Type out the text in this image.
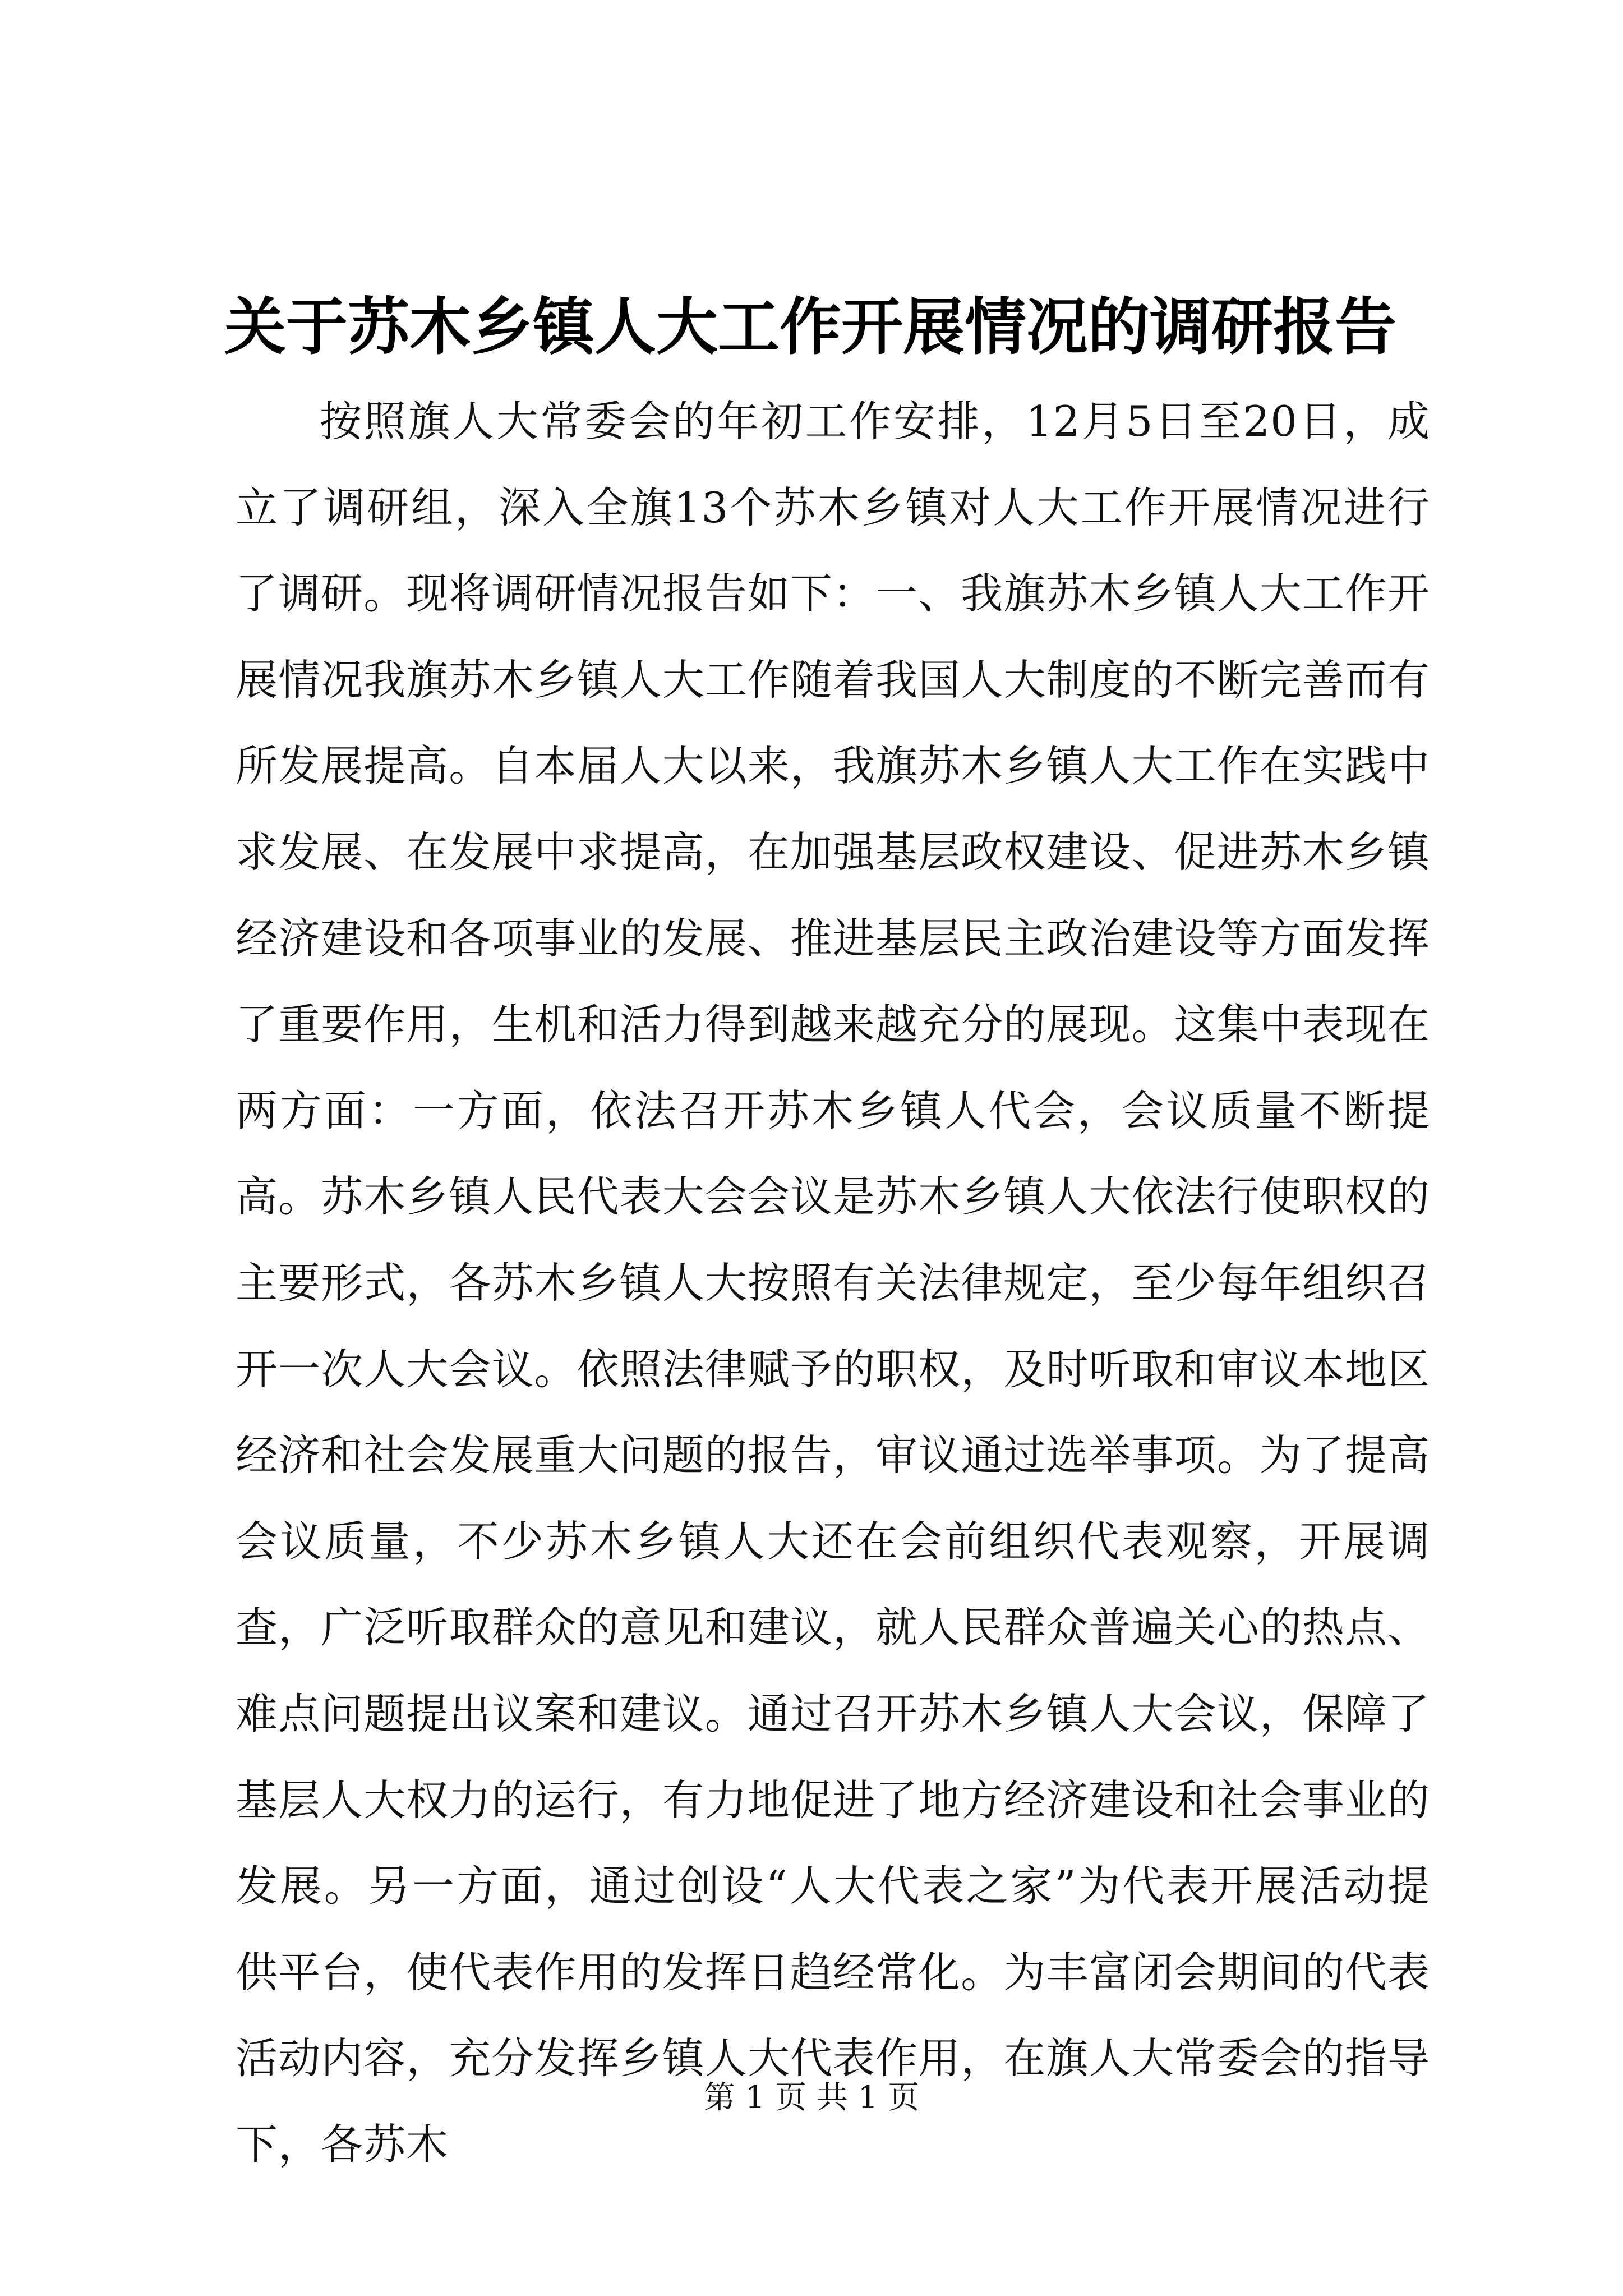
关于苏木乡镇人大工作开展情况的调研报告

按照旗人大常委会的年初工作安排，12月5日至20日，成立了调研组，深入全旗13个苏木乡镇对人大工作开展情况进行了调研。现将调研情况报告如下：一、我旗苏木乡镇人大工作开展情况我旗苏木乡镇人大工作随着我国人大制度的不断完善而有所发展提高。自本届人大以来，我旗苏木乡镇人大工作在实践中求发展、在发展中求提高，在加强基层政权建设、促进苏木乡镇经济建设和各项事业的发展、推进基层民主政治建设等方面发挥了重要作用，生机和活力得到越来越充分的展现。这集中表现在两方面：一方面，依法召开苏木乡镇人代会，会议质量不断提高。苏木乡镇人民代表大会会议是苏木乡镇人大依法行使职权的主要形式，各苏木乡镇人大按照有关法律规定，至少每年组织召开一次人大会议。依照法律赋予的职权，及时听取和审议本地区经济和社会发展重大问题的报告，审议通过选举事项。为了提高会议质量，不少苏木乡镇人大还在会前组织代表观察，开展调查，广泛听取群众的意见和建议，就人民群众普遍关心的热点、难点问题提出议案和建议。通过召开苏木乡镇人大会议，保障了基层人大权力的运行，有力地促进了地方经济建设和社会事业的发展。另一方面，通过创设“人大代表之家”为代表开展活动提供平台，使代表作用的发挥日趋经常化。为丰富闭会期间的代表活动内容，充分发挥乡镇人大代表作用，在旗人大常委会的指导下，各苏木

第 1 页 共 1 页
